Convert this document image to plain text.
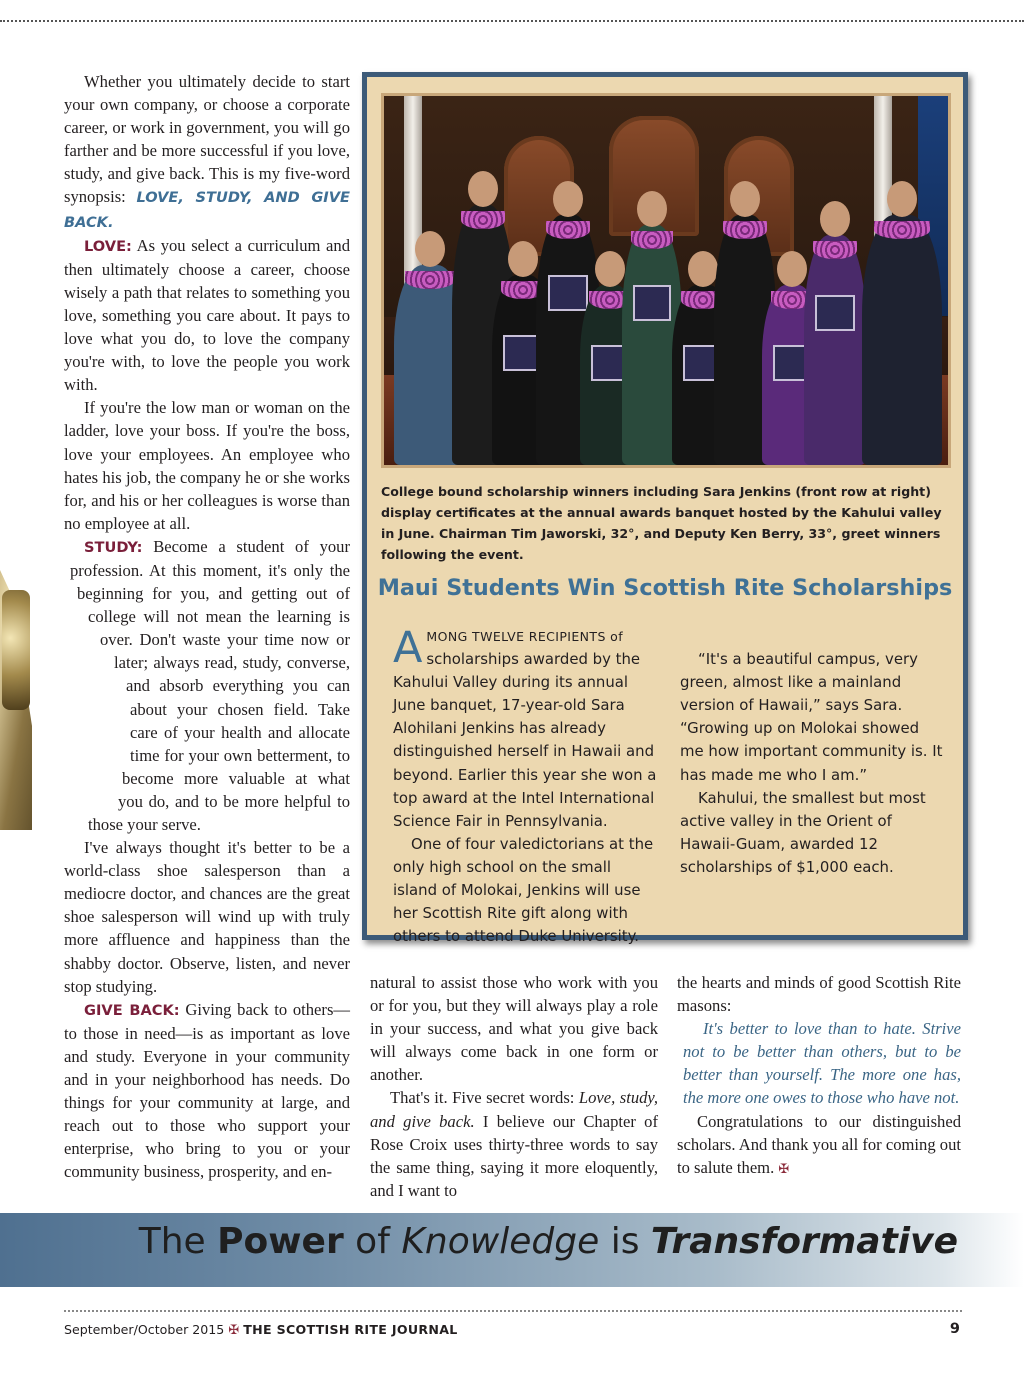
Whether you ultimately decide to start your own company, or choose a corporate career, or work in government, you will go farther and be more successful if you love, study, and give back. This is my five-word synopsis: LOVE, STUDY, AND GIVE BACK.

LOVE: As you select a curriculum and then ultimately choose a career, choose wisely a path that relates to something you love, something you care about. It pays to love what you do, to love the company you're with, to love the people you work with.

If you're the low man or woman on the ladder, love your boss. If you're the boss, love your employees. An employee who hates his job, the company he or she works for, and his or her colleagues is worse than no employee at all.

STUDY: Become a student of your profession. At this moment, it's only the beginning for you, and getting out of college will not mean the learning is over. Don't waste your time now or later; always read, study, converse, and absorb everything you can about your chosen field. Take care of your health and allocate time for your own betterment, to become more valuable at what you do, and to be more helpful to those your serve.

I've always thought it's better to be a world-class shoe salesperson than a mediocre doctor, and chances are the great shoe salesperson will wind up with truly more affluence and happiness than the shabby doctor. Observe, listen, and never stop studying.

GIVE BACK: Giving back to others—to those in need—is as important as love and study. Everyone in your community and in your neighborhood has needs. Do things for your community at large, and reach out to those who support your enterprise, who bring to you or your community business, prosperity, and en-

College bound scholarship winners including Sara Jenkins (front row at right) display certificates at the annual awards banquet hosted by the Kahului valley in June. Chairman Tim Jaworski, 32°, and Deputy Ken Berry, 33°, greet winners following the event.
Maui Students Win Scottish Rite Scholarships

AMONG TWELVE RECIPIENTS of scholarships awarded by the Kahului Valley during its annual June banquet, 17-year-old Sara Alohilani Jenkins has already distinguished herself in Hawaii and beyond. Earlier this year she won a top award at the Intel International Science Fair in Pennsylvania.

One of four valedictorians at the only high school on the small island of Molokai, Jenkins will use her Scottish Rite gift along with others to attend Duke University.

“It's a beautiful campus, very green, almost like a mainland version of Hawaii,” says Sara. “Growing up on Molokai showed me how important community is. It has made me who I am.”

Kahului, the smallest but most active valley in the Orient of Hawaii-Guam, awarded 12 scholarships of $1,000 each.

natural to assist those who work with you or for you, but they will always play a role in your success, and what you give back will always come back in one form or another.

That's it. Five secret words: Love, study, and give back. I believe our Chapter of Rose Croix uses thirty-three words to say the same thing, saying it more eloquently, and I want to

the hearts and minds of good Scottish Rite masons:

It's better to love than to hate. Strive not to be better than others, but to be better than yourself. The more one has, the more one owes to those who have not.

Congratulations to our distinguished scholars. And thank you all for coming out to salute them. ✠

The Power of Knowledge is Transformative
September/October 2015 ✠ THE SCOTTISH RITE JOURNAL	9
